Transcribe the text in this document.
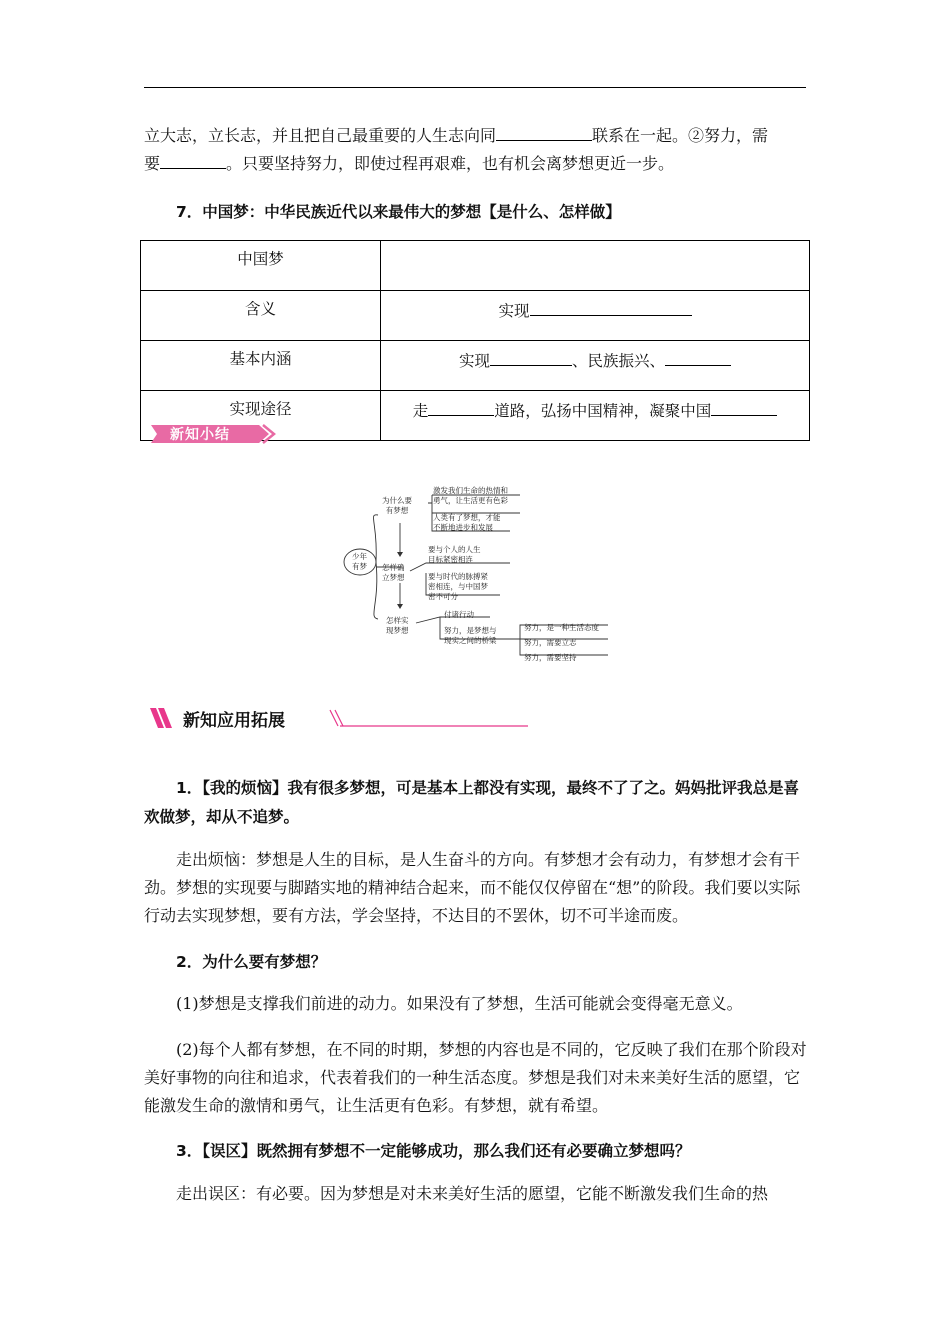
立大志，立长志，并且把自己最重要的人生志向同	联系在一起。②努力，需
要	。只要坚持努力，即使过程再艰难，也有机会离梦想更近一步。

7．中国梦：中华民族近代以来最伟大的梦想【是什么、怎样做】

中国梦	
含义	实现
基本内涵	实现 、民族振兴、
实现途径	走 道路，弘扬中国精神，凝聚中国
新知小结
少年
有梦
为什么要
有梦想
激发我们生命的热情和
勇气，让生活更有色彩
人类有了梦想，才能
不断地进步和发展
怎样确
立梦想
要与个人的人生
目标紧密相连
要与时代的脉搏紧
密相连，与中国梦
密不可分
怎样实
现梦想
付诸行动
努力，是梦想与
现实之间的桥梁
努力，是一种生活态度
努力，需要立志
努力，需要坚持
新知应用拓展

1．【我的烦恼】我有很多梦想，可是基本上都没有实现，最终不了了之。妈妈批评我总是喜欢做梦，却从不追梦。

走出烦恼：梦想是人生的目标，是人生奋斗的方向。有梦想才会有动力，有梦想才会有干劲。梦想的实现要与脚踏实地的精神结合起来，而不能仅仅停留在“想”的阶段。我们要以实际行动去实现梦想，要有方法，学会坚持，不达目的不罢休，切不可半途而废。

2．为什么要有梦想？

(1)梦想是支撑我们前进的动力。如果没有了梦想，生活可能就会变得毫无意义。

(2)每个人都有梦想，在不同的时期，梦想的内容也是不同的，它反映了我们在那个阶段对美好事物的向往和追求，代表着我们的一种生活态度。梦想是我们对未来美好生活的愿望，它能激发生命的激情和勇气，让生活更有色彩。有梦想，就有希望。

3．【误区】既然拥有梦想不一定能够成功，那么我们还有必要确立梦想吗？

走出误区：有必要。因为梦想是对未来美好生活的愿望，它能不断激发我们生命的热
